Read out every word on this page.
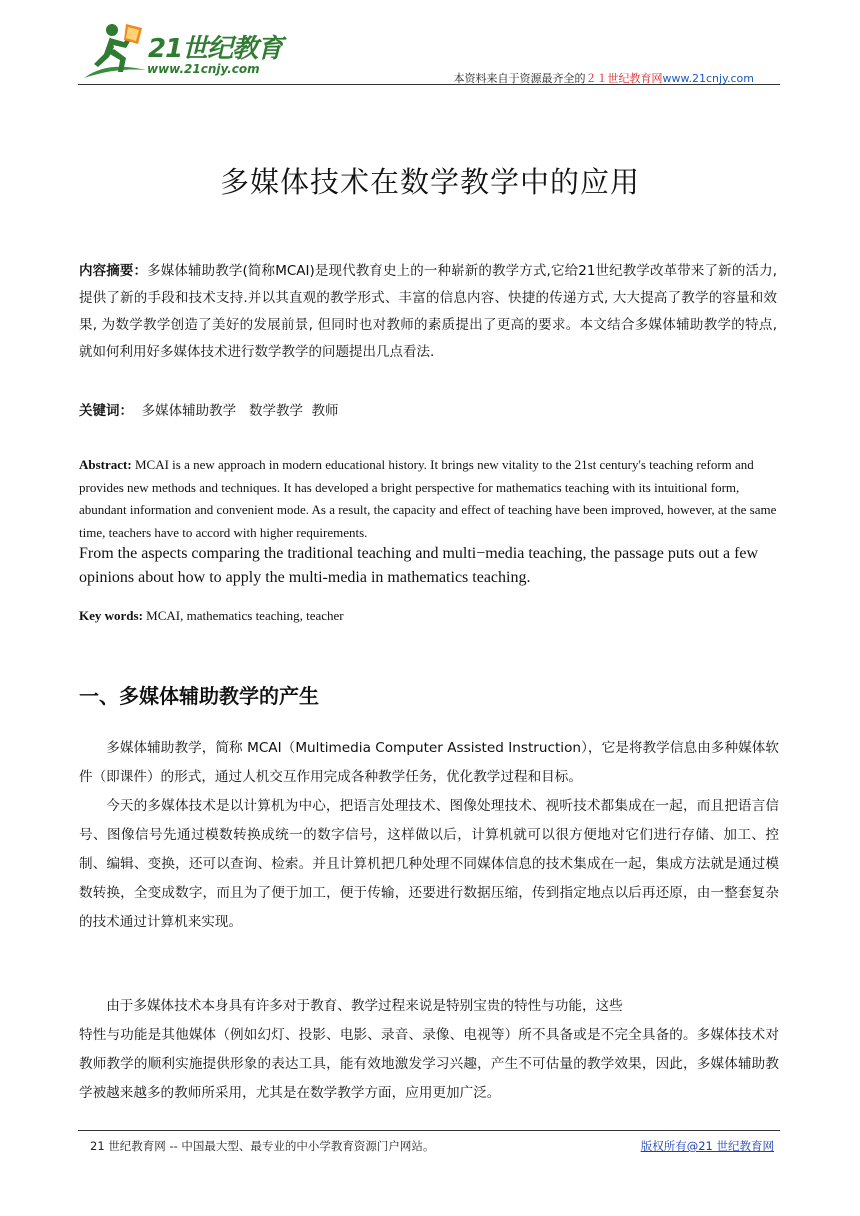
21世纪教育
www.21cnjy.com
本资料来自于资源最齐全的２１世纪教育网www.21cnjy.com
多媒体技术在数学教学中的应用
内容摘要：多媒体辅助教学(简称MCAI)是现代教育史上的一种崭新的教学方式,它给21世纪教学改革带来了新的活力,提供了新的手段和技术支持.并以其直观的教学形式、丰富的信息内容、快捷的传递方式, 大大提高了教学的容量和效果, 为数学教学创造了美好的发展前景, 但同时也对教师的素质提出了更高的要求。本文结合多媒体辅助教学的特点, 就如何利用好多媒体技术进行数学教学的问题提出几点看法.
关键词： 多媒体辅助教学   数学教学  教师
Abstract: MCAI is a new approach in modern educational history. It brings new vitality to the 21st century's teaching reform and provides new methods and techniques. It has developed a bright perspective for mathematics teaching with its intuitional form, abundant information and convenient mode. As a result, the capacity and effect of teaching have been improved, however, at the same time, teachers have to accord with higher requirements.
From the aspects comparing the traditional teaching and multi−media teaching, the passage puts out a few opinions about how to apply the multi-media in mathematics teaching.
Key words: MCAI, mathematics teaching, teacher
一、多媒体辅助教学的产生

多媒体辅助教学，简称 MCAI（Multimedia Computer Assisted Instruction），它是将教学信息由多种媒体软件（即课件）的形式，通过人机交互作用完成各种教学任务，优化教学过程和目标。

今天的多媒体技术是以计算机为中心，把语言处理技术、图像处理技术、视听技术都集成在一起，而且把语言信号、图像信号先通过模数转换成统一的数字信号，这样做以后，计算机就可以很方便地对它们进行存储、加工、控制、编辑、变换，还可以查询、检索。并且计算机把几种处理不同媒体信息的技术集成在一起，集成方法就是通过模数转换，全变成数字，而且为了便于加工，便于传输，还要进行数据压缩，传到指定地点以后再还原，由一整套复杂的技术通过计算机来实现。

由于多媒体技术本身具有许多对于教育、教学过程来说是特别宝贵的特性与功能，这些

特性与功能是其他媒体（例如幻灯、投影、电影、录音、录像、电视等）所不具备或是不完全具备的。多媒体技术对教师教学的顺利实施提供形象的表达工具，能有效地激发学习兴趣，产生不可估量的教学效果，因此，多媒体辅助教学被越来越多的教师所采用，尤其是在数学教学方面，应用更加广泛。

21 世纪教育网 -- 中国最大型、最专业的中小学教育资源门户网站。	版权所有@21 世纪教育网
